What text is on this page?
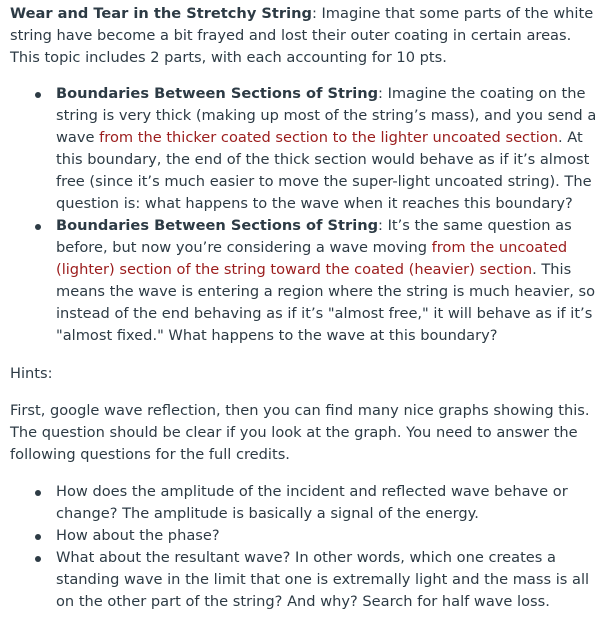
Wear and Tear in the Stretchy String: Imagine that some parts of the white string have become a bit frayed and lost their outer coating in certain areas. This topic includes 2 parts, with each accounting for 10 pts.

Boundaries Between Sections of String: Imagine the coating on the string is very thick (making up most of the string’s mass), and you send a wave from the thicker coated section to the lighter uncoated section. At this boundary, the end of the thick section would behave as if it’s almost free (since it’s much easier to move the super-light uncoated string). The question is: what happens to the wave when it reaches this boundary?
Boundaries Between Sections of String: It’s the same question as before, but now you’re considering a wave moving from the uncoated (lighter) section of the string toward the coated (heavier) section. This means the wave is entering a region where the string is much heavier, so instead of the end behaving as if it’s "almost free," it will behave as if it’s "almost fixed." What happens to the wave at this boundary?

Hints:

First, google wave reflection, then you can find many nice graphs showing this. The question should be clear if you look at the graph. You need to answer the following questions for the full credits.

How does the amplitude of the incident and reflected wave behave or change? The amplitude is basically a signal of the energy.
How about the phase?
What about the resultant wave? In other words, which one creates a standing wave in the limit that one is extremally light and the mass is all on the other part of the string? And why? Search for half wave loss.
